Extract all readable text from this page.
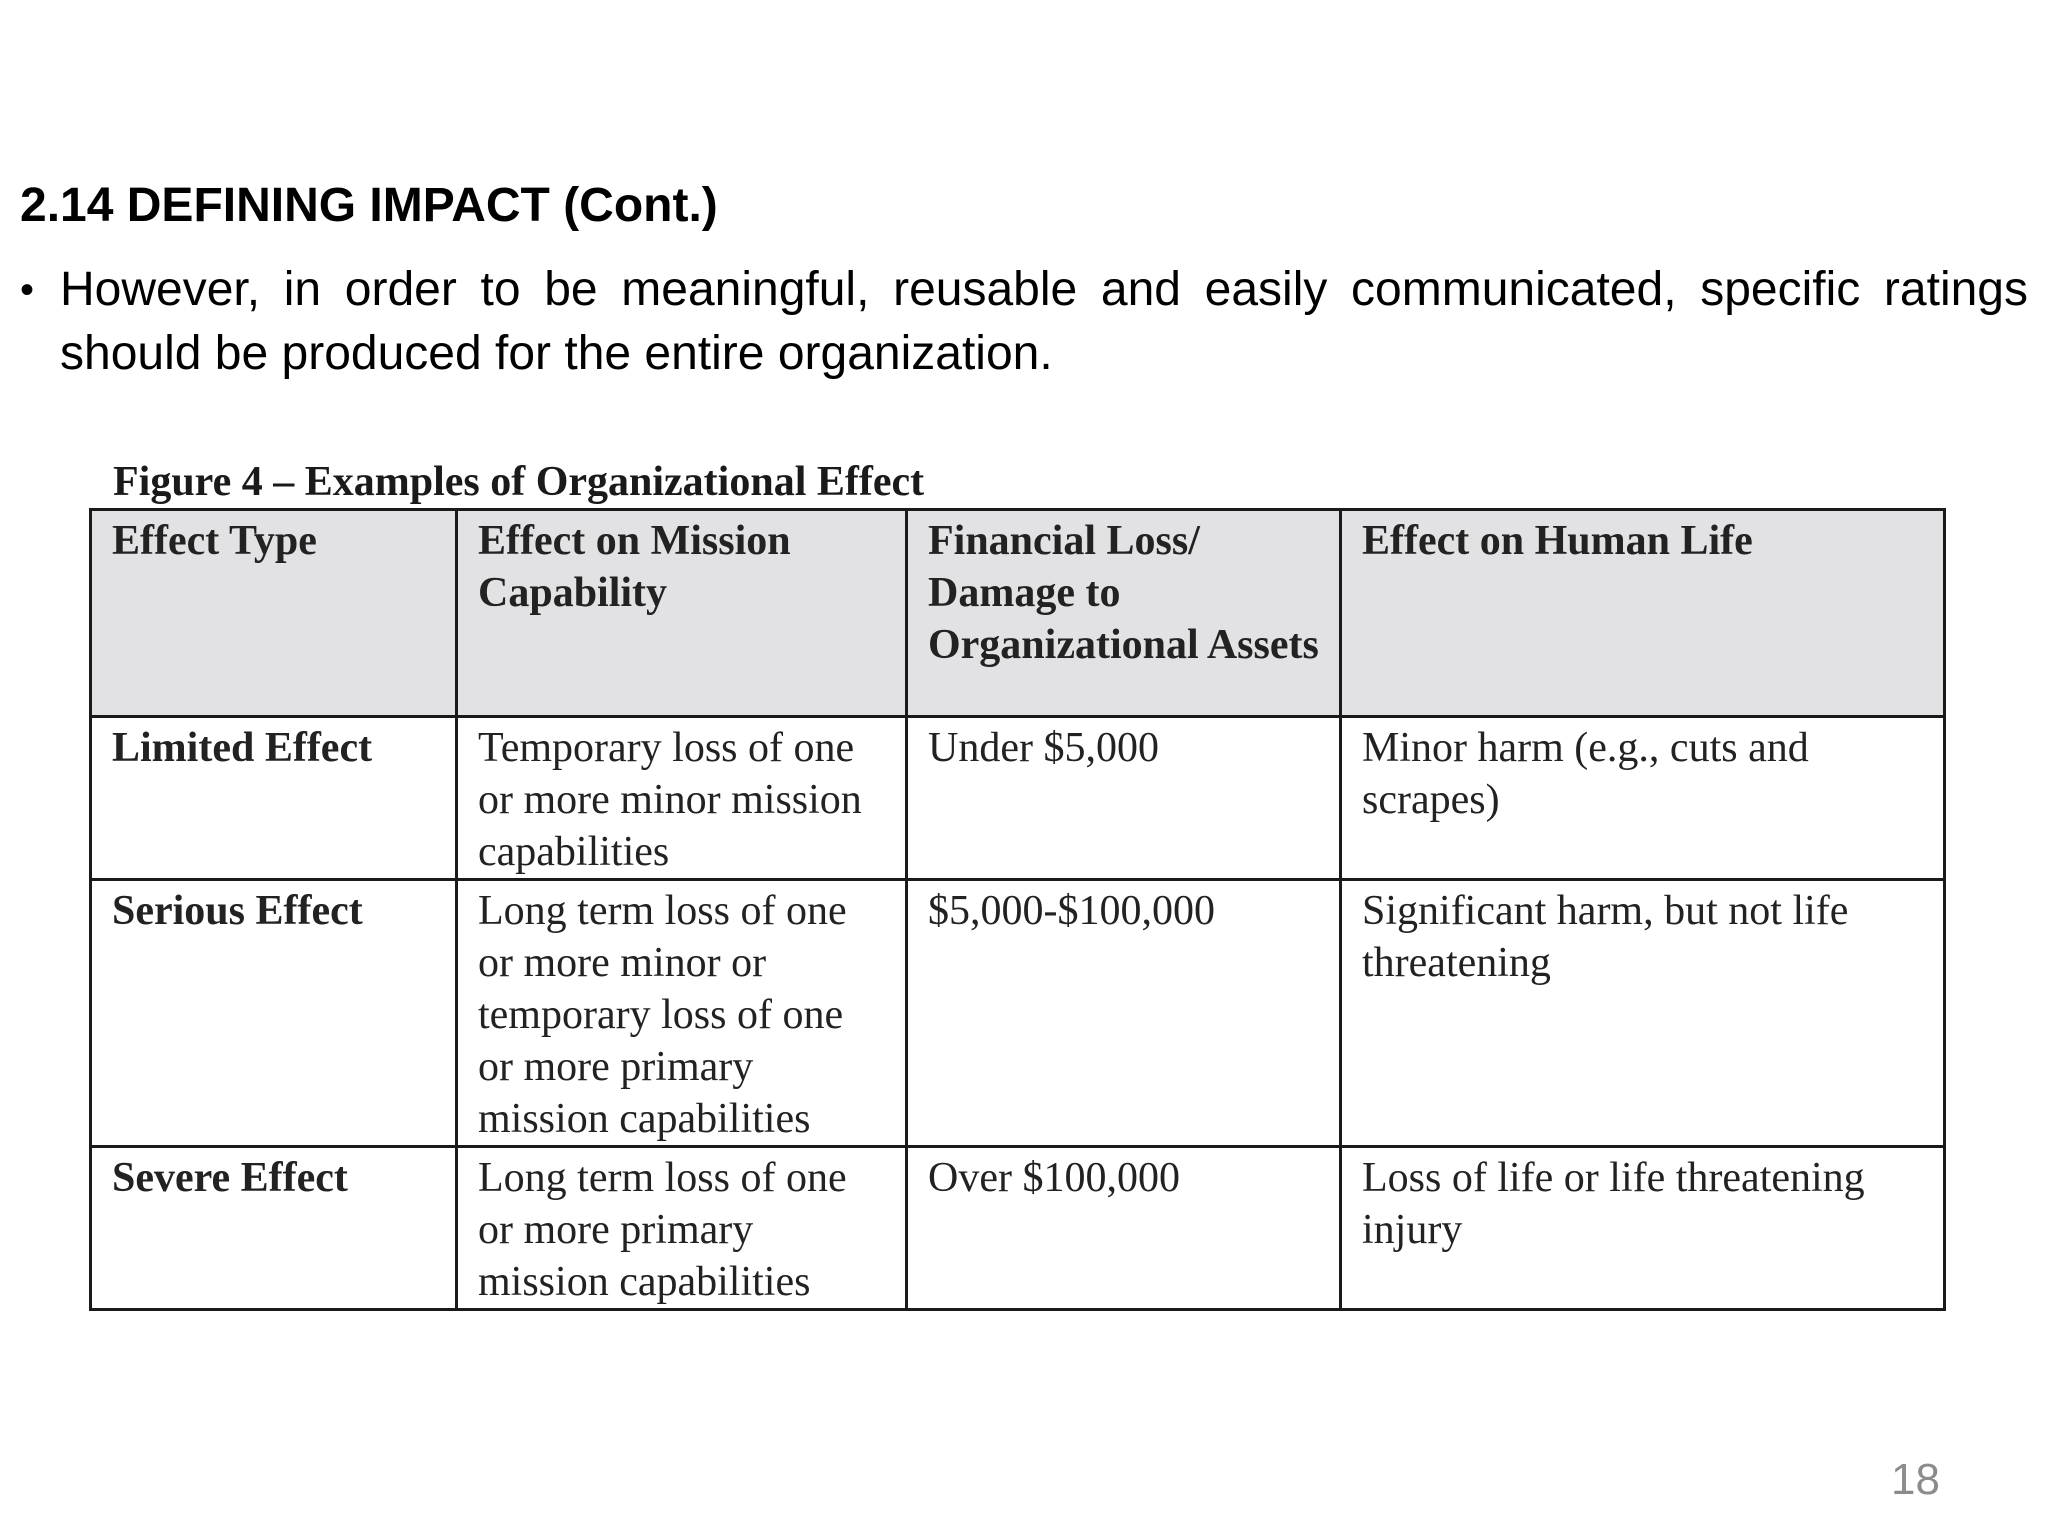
2.14 DEFINING IMPACT (Cont.)
• However, in order to be meaningful, reusable and easily communicated, specific ratings should be produced for the entire organization.

Figure 4 – Examples of Organizational Effect

Effect Type	Effect on Mission Capability	Financial Loss/ Damage to Organizational Assets	Effect on Human Life
Limited Effect	Temporary loss of one or more minor mission capabilities	Under $5,000	Minor harm (e.g., cuts and scrapes)
Serious Effect	Long term loss of one or more minor or temporary loss of one or more primary mission capabilities	$5,000-$100,000	Significant harm, but not life threatening
Severe Effect	Long term loss of one or more primary mission capabilities	Over $100,000	Loss of life or life threatening injury
18
